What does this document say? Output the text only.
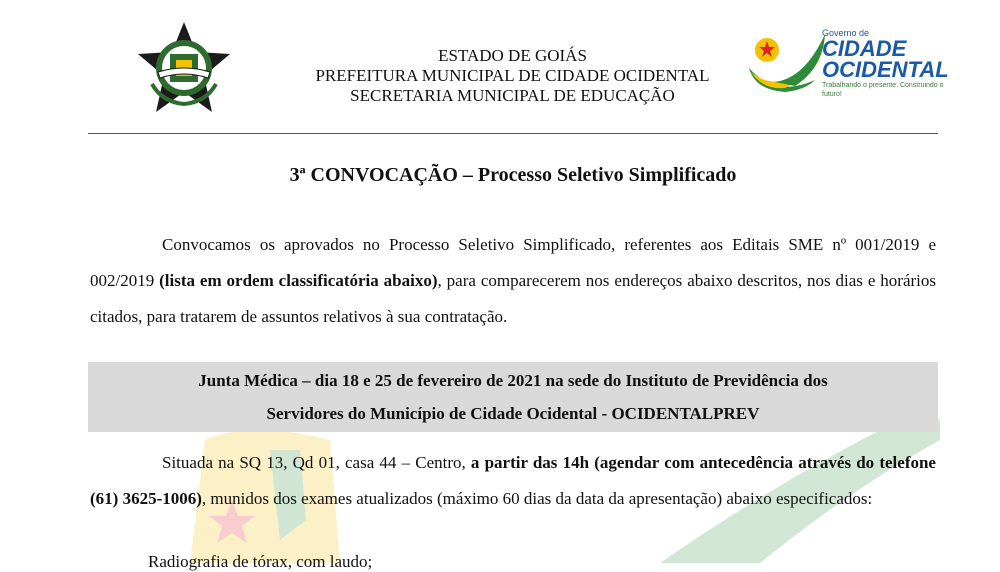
ESTADO DE GOIÁS
PREFEITURA MUNICIPAL DE CIDADE OCIDENTAL
SECRETARIA MUNICIPAL DE EDUCAÇÃO
Governo de
CIDADE
OCIDENTAL
Trabalhando o presente. Construindo o futuro!
3ª CONVOCAÇÃO – Processo Seletivo Simplificado
Convocamos os aprovados no Processo Seletivo Simplificado, referentes aos Editais SME nº 001/2019 e 002/2019 (lista em ordem classificatória abaixo), para comparecerem nos endereços abaixo descritos, nos dias e horários citados, para tratarem de assuntos relativos à sua contratação.
Junta Médica – dia 18 e 25 de fevereiro de 2021 na sede do Instituto de Previdência dos
Servidores do Município de Cidade Ocidental - OCIDENTALPREV
Situada na SQ 13, Qd 01, casa 44 – Centro, a partir das 14h (agendar com antecedência através do telefone (61) 3625-1006), munidos dos exames atualizados (máximo 60 dias da data da apresentação) abaixo especificados:
Radiografia de tórax, com laudo;
